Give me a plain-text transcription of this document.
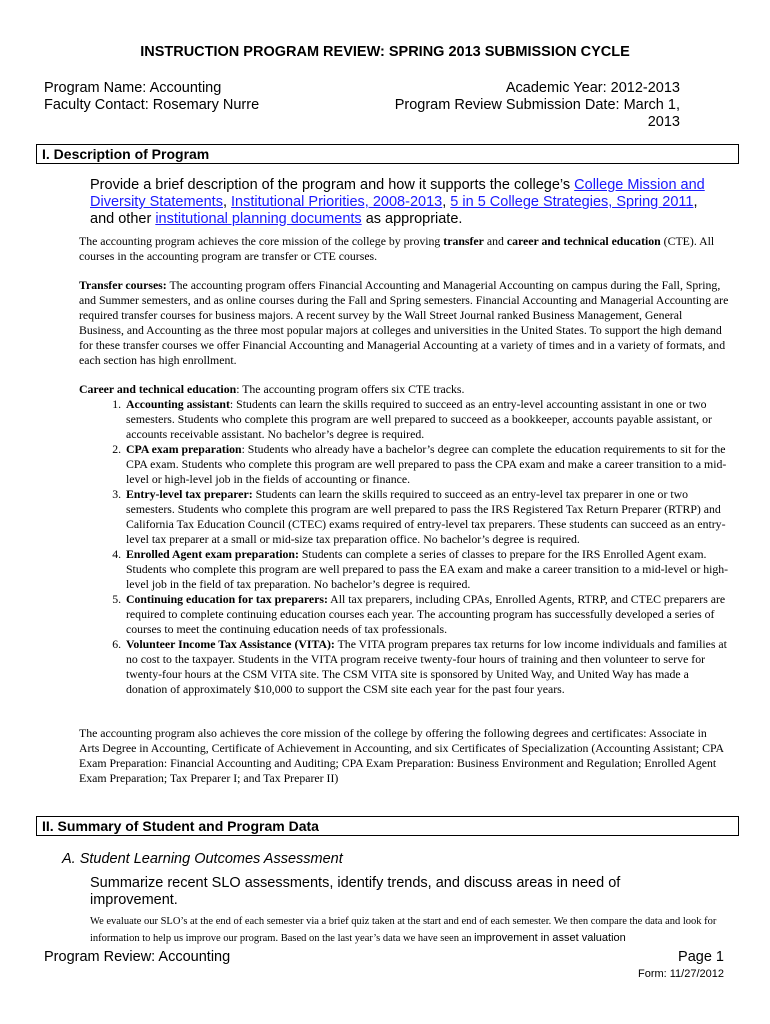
INSTRUCTION PROGRAM REVIEW: SPRING 2013 SUBMISSION CYCLE
Program Name: Accounting
Faculty Contact: Rosemary Nurre
Academic Year: 2012-2013
Program Review Submission Date: March 1, 2013
I. Description of Program
Provide a brief description of the program and how it supports the college’s College Mission and Diversity Statements, Institutional Priorities, 2008-2013, 5 in 5 College Strategies, Spring 2011, and other institutional planning documents as appropriate.

The accounting program achieves the core mission of the college by proving transfer and career and technical education (CTE). All courses in the accounting program are transfer or CTE courses.

Transfer courses: The accounting program offers Financial Accounting and Managerial Accounting on campus during the Fall, Spring, and Summer semesters, and as online courses during the Fall and Spring semesters. Financial Accounting and Managerial Accounting are required transfer courses for business majors. A recent survey by the Wall Street Journal ranked Business Management, General Business, and Accounting as the three most popular majors at colleges and universities in the United States. To support the high demand for these transfer courses we offer Financial Accounting and Managerial Accounting at a variety of times and in a variety of formats, and each section has high enrollment.

Career and technical education: The accounting program offers six CTE tracks.

1. Accounting assistant: Students can learn the skills required to succeed as an entry-level accounting assistant in one or two semesters. Students who complete this program are well prepared to succeed as a bookkeeper, accounts payable assistant, or accounts receivable assistant. No bachelor’s degree is required.
2. CPA exam preparation: Students who already have a bachelor’s degree can complete the education requirements to sit for the CPA exam. Students who complete this program are well prepared to pass the CPA exam and make a career transition to a mid-level or high-level job in the fields of accounting or finance.
3. Entry-level tax preparer: Students can learn the skills required to succeed as an entry-level tax preparer in one or two semesters. Students who complete this program are well prepared to pass the IRS Registered Tax Return Preparer (RTRP) and California Tax Education Council (CTEC) exams required of entry-level tax preparers. These students can succeed as an entry-level tax preparer at a small or mid-size tax preparation office. No bachelor’s degree is required.
4. Enrolled Agent exam preparation: Students can complete a series of classes to prepare for the IRS Enrolled Agent exam. Students who complete this program are well prepared to pass the EA exam and make a career transition to a mid-level or high-level job in the field of tax preparation. No bachelor’s degree is required.
5. Continuing education for tax preparers: All tax preparers, including CPAs, Enrolled Agents, RTRP, and CTEC preparers are required to complete continuing education courses each year. The accounting program has successfully developed a series of courses to meet the continuing education needs of tax professionals.
6. Volunteer Income Tax Assistance (VITA): The VITA program prepares tax returns for low income individuals and families at no cost to the taxpayer. Students in the VITA program receive twenty-four hours of training and then volunteer to serve for twenty-four hours at the CSM VITA site. The CSM VITA site is sponsored by United Way, and United Way has made a donation of approximately $10,000 to support the CSM site each year for the past four years.

The accounting program also achieves the core mission of the college by offering the following degrees and certificates: Associate in Arts Degree in Accounting, Certificate of Achievement in Accounting, and six Certificates of Specialization (Accounting Assistant; CPA Exam Preparation: Financial Accounting and Auditing; CPA Exam Preparation: Business Environment and Regulation; Enrolled Agent Exam Preparation; Tax Preparer I; and Tax Preparer II)

II. Summary of Student and Program Data
A. Student Learning Outcomes Assessment
Summarize recent SLO assessments, identify trends, and discuss areas in need of improvement.
We evaluate our SLO’s at the end of each semester via a brief quiz taken at the start and end of each semester. We then compare the data and look for information to help us improve our program. Based on the last year’s data we have seen an improvement in asset valuation
Program Review: Accounting	Page 1
Form: 11/27/2012
